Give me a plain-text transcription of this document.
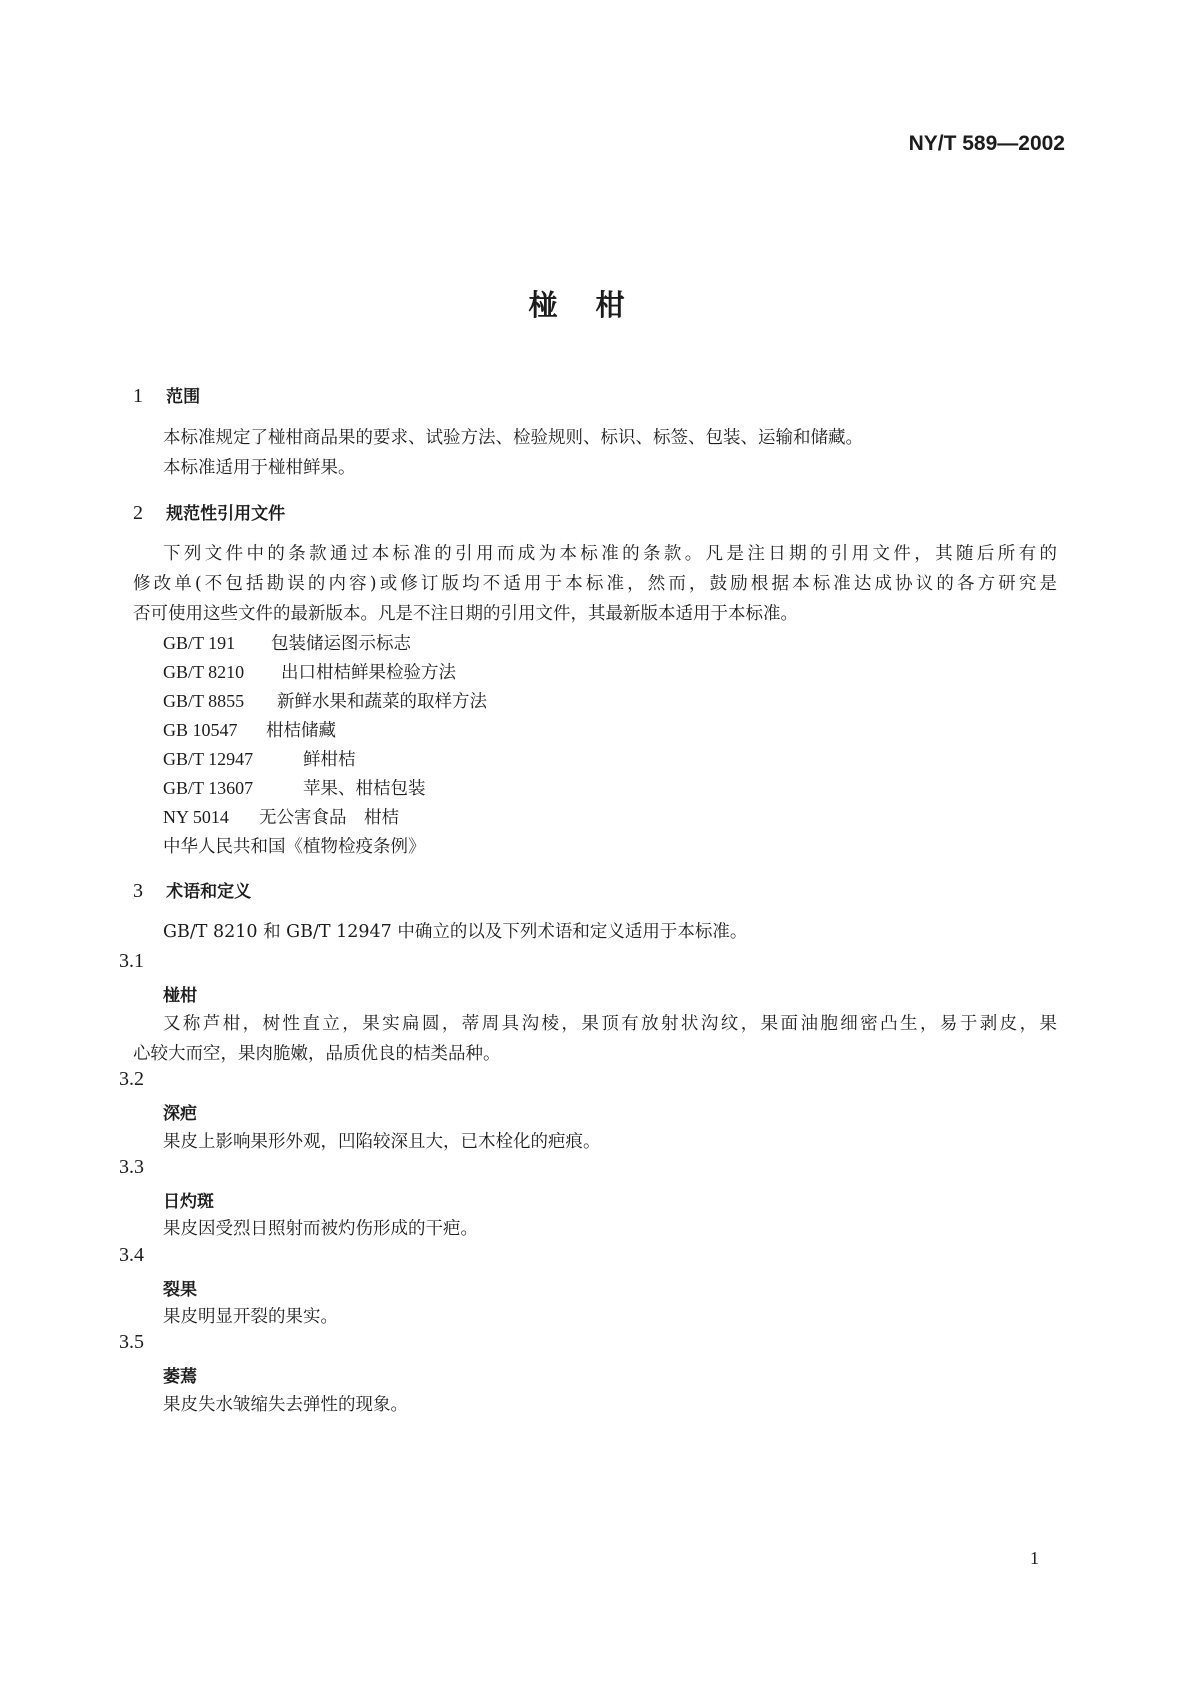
NY/T 589—2002
椪柑
1 范围
本标准规定了椪柑商品果的要求、试验方法、检验规则、标识、标签、包装、运输和储藏。
本标准适用于椪柑鲜果。
2 规范性引用文件
下列文件中的条款通过本标准的引用而成为本标准的条款。凡是注日期的引用文件，其随后所有的
修改单(不包括勘误的内容)或修订版均不适用于本标准，然而，鼓励根据本标准达成协议的各方研究是
否可使用这些文件的最新版本。凡是不注日期的引用文件，其最新版本适用于本标准。
GB/T 191 包装储运图示标志
GB/T 8210 出口柑桔鲜果检验方法
GB/T 8855 新鲜水果和蔬菜的取样方法
GB 10547 柑桔储藏
GB/T 12947	鲜柑桔
GB/T 13607	苹果、柑桔包装
NY 5014 无公害食品　柑桔
中华人民共和国《植物检疫条例》
3 术语和定义
GB/T 8210 和 GB/T 12947 中确立的以及下列术语和定义适用于本标准。
3.1
椪柑
又称芦柑，树性直立，果实扁圆，蒂周具沟棱，果顶有放射状沟纹，果面油胞细密凸生，易于剥皮，果
心较大而空，果肉脆嫩，品质优良的桔类品种。
3.2
深疤
果皮上影响果形外观，凹陷较深且大，已木栓化的疤痕。
3.3
日灼斑
果皮因受烈日照射而被灼伤形成的干疤。
3.4
裂果
果皮明显开裂的果实。
3.5
萎蔫
果皮失水皱缩失去弹性的现象。
1
